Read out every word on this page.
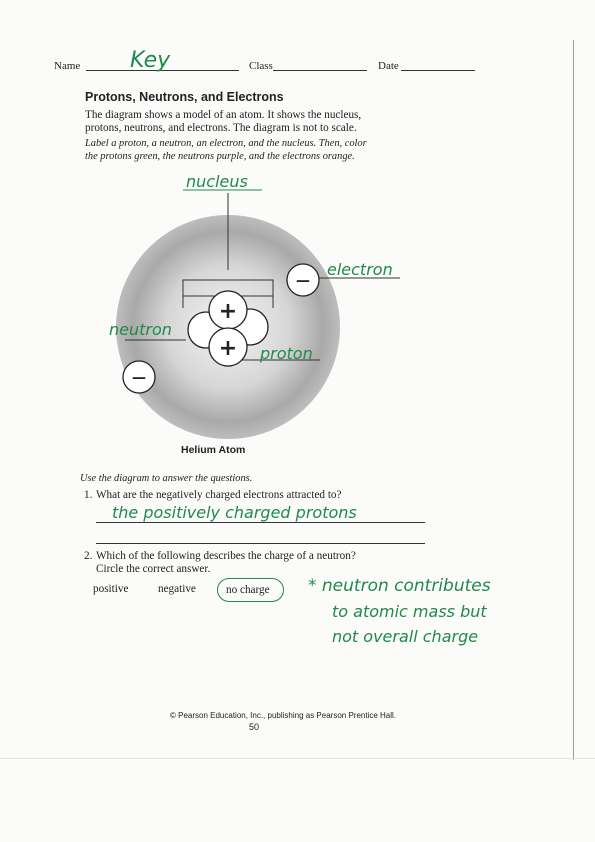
Name Key	Class	Date
Protons, Neutrons, and Electrons
The diagram shows a model of an atom. It shows the nucleus,
protons, neutrons, and electrons. The diagram is not to scale.
Label a proton, a neutron, an electron, and the nucleus. Then, color
the protons green, the neutrons purple, and the electrons orange.
+
+
—
—
nucleus
electron
neutron
proton
Helium Atom
Use the diagram to answer the questions.
1. What are the negatively charged electrons attracted to?
the positively charged protons
2. Which of the following describes the charge of a neutron?
Circle the correct answer.
positive	negative	no charge * neutron contributes
to atomic mass but
not overall charge
© Pearson Education, Inc., publishing as Pearson Prentice Hall.
50
